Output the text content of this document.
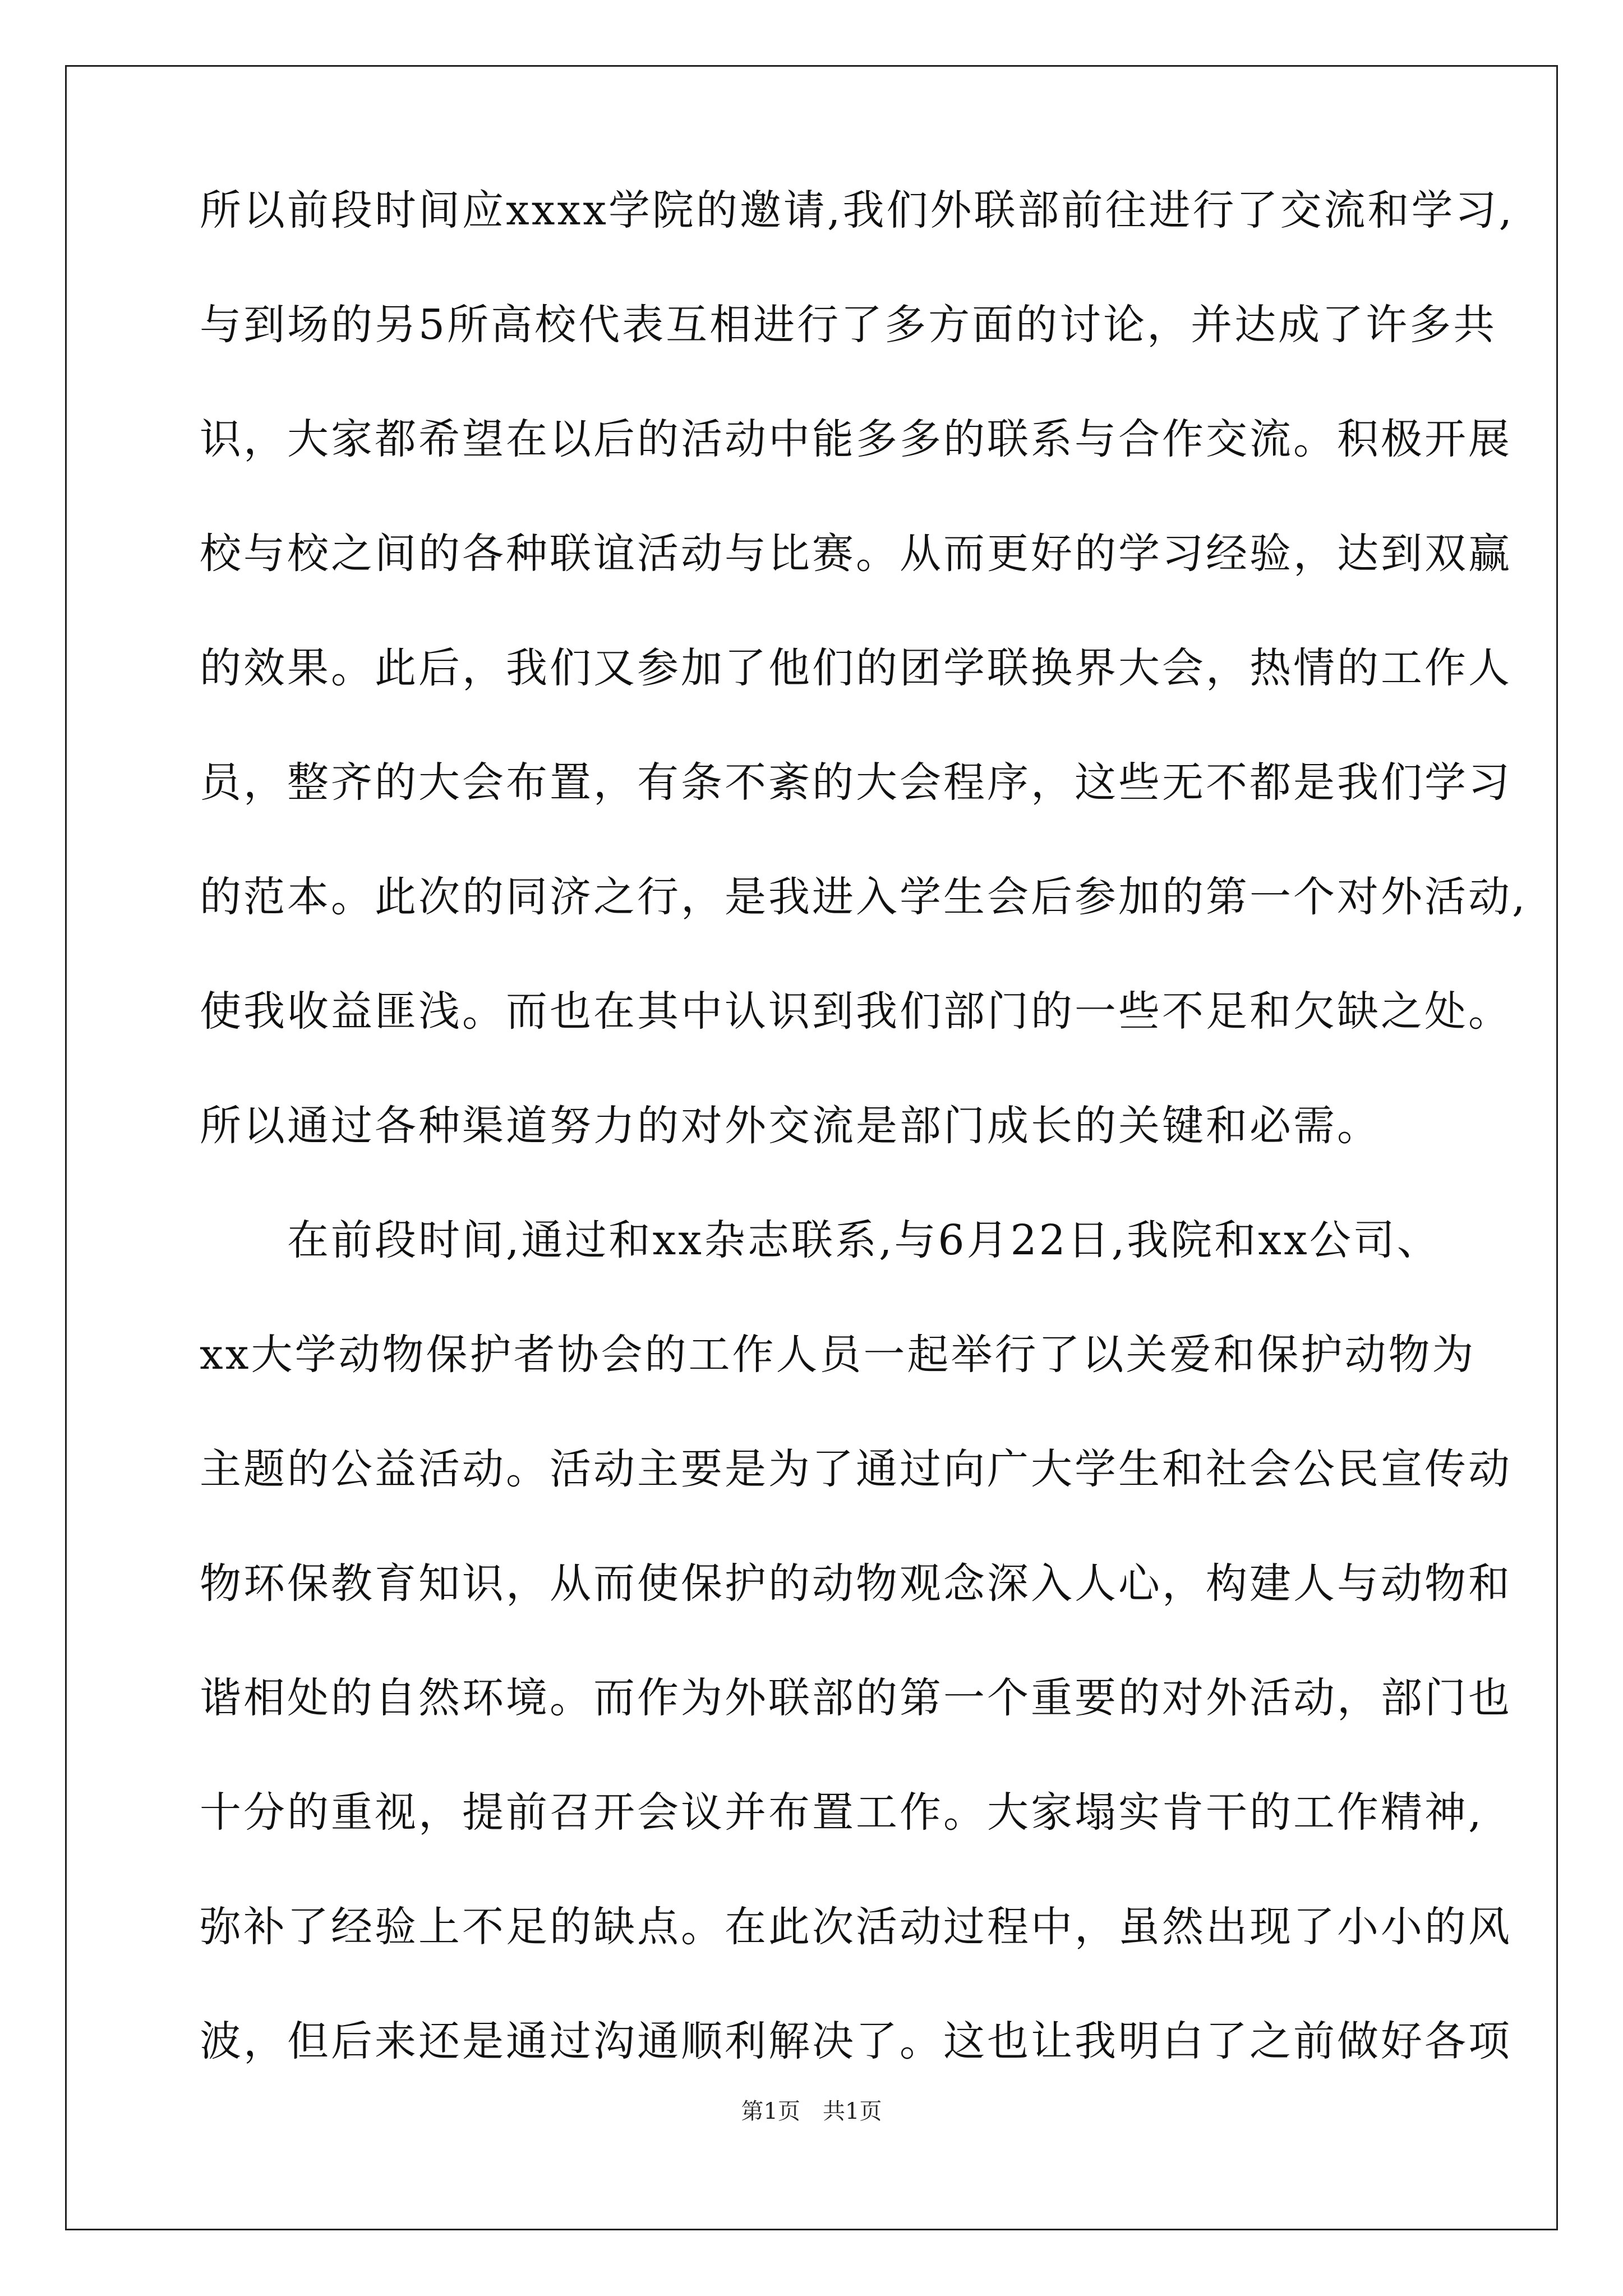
所以前段时间应xxxx学院的邀请,我们外联部前往进行了交流和学习,
与到场的另5所高校代表互相进行了多方面的讨论，并达成了许多共
识，大家都希望在以后的活动中能多多的联系与合作交流。积极开展
校与校之间的各种联谊活动与比赛。从而更好的学习经验，达到双赢
的效果。此后，我们又参加了他们的团学联换界大会，热情的工作人
员，整齐的大会布置，有条不紊的大会程序，这些无不都是我们学习
的范本。此次的同济之行，是我进入学生会后参加的第一个对外活动,
使我收益匪浅。而也在其中认识到我们部门的一些不足和欠缺之处。
所以通过各种渠道努力的对外交流是部门成长的关键和必需。
　　在前段时间,通过和xx杂志联系,与6月22日,我院和xx公司、
xx大学动物保护者协会的工作人员一起举行了以关爱和保护动物为
主题的公益活动。活动主要是为了通过向广大学生和社会公民宣传动
物环保教育知识，从而使保护的动物观念深入人心，构建人与动物和
谐相处的自然环境。而作为外联部的第一个重要的对外活动，部门也
十分的重视，提前召开会议并布置工作。大家塌实肯干的工作精神,
弥补了经验上不足的缺点。在此次活动过程中，虽然出现了小小的风
波，但后来还是通过沟通顺利解决了。这也让我明白了之前做好各项
第1页 共1页
